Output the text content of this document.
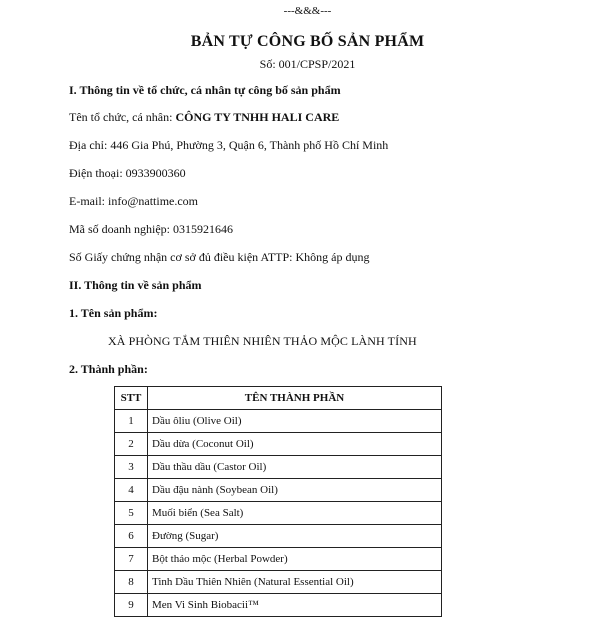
---&&&---
BẢN TỰ CÔNG BỐ SẢN PHẨM
Số: 001/CPSP/2021
I. Thông tin về tổ chức, cá nhân tự công bố sản phẩm
Tên tổ chức, cá nhân: CÔNG TY TNHH HALI CARE
Địa chỉ: 446 Gia Phú, Phường 3, Quận 6, Thành phố Hồ Chí Minh
Điện thoại: 0933900360
E-mail: info@nattime.com
Mã số doanh nghiệp: 0315921646
Số Giấy chứng nhận cơ sở đủ điều kiện ATTP: Không áp dụng
II. Thông tin về sản phẩm
1. Tên sản phẩm:
XÀ PHÒNG TẮM THIÊN NHIÊN THẢO MỘC LÀNH TÍNH
2. Thành phần:
STT	TÊN THÀNH PHẦN
1	Dầu ôliu (Olive Oil)
2	Dầu dừa (Coconut Oil)
3	Dầu thầu dầu (Castor Oil)
4	Dầu đậu nành (Soybean Oil)
5	Muối biển (Sea Salt)
6	Đường (Sugar)
7	Bột thảo mộc (Herbal Powder)
8	Tinh Dầu Thiên Nhiên (Natural Essential Oil)
9	Men Vi Sinh Biobacii™
